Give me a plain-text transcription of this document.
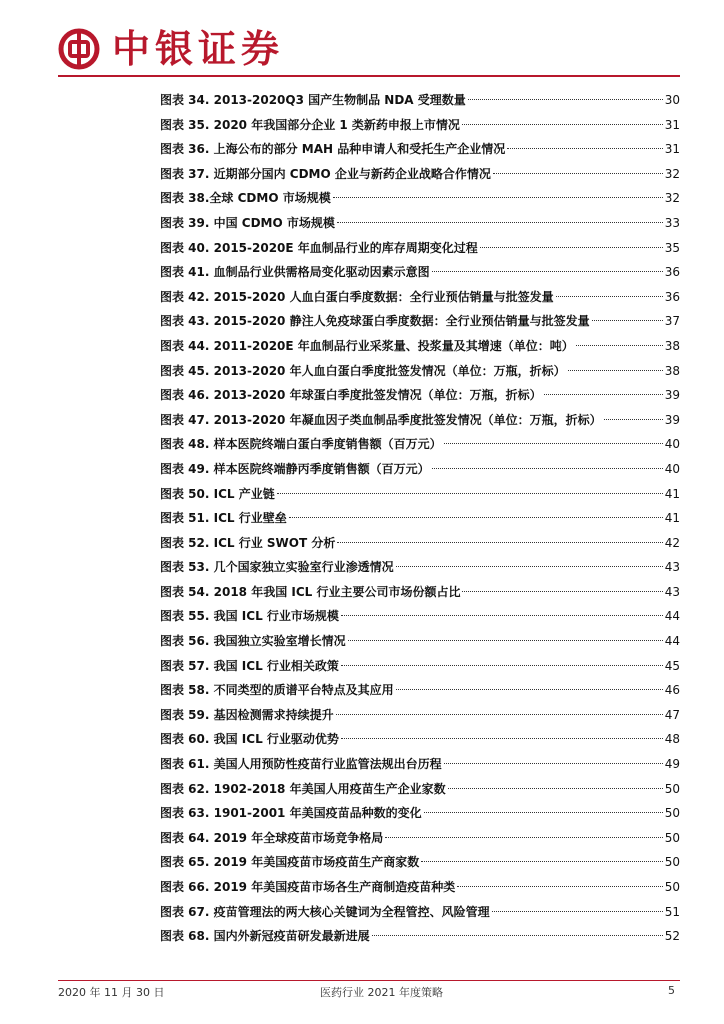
中银证券
图表 34. 2013-2020Q3 国产生物制品 NDA 受理数量	30
图表 35. 2020 年我国部分企业 1 类新药申报上市情况	31
图表 36. 上海公布的部分 MAH 品种申请人和受托生产企业情况	31
图表 37. 近期部分国内 CDMO 企业与新药企业战略合作情况	32
图表 38.全球 CDMO 市场规模	32
图表 39. 中国 CDMO 市场规模	33
图表 40. 2015-2020E 年血制品行业的库存周期变化过程	35
图表 41. 血制品行业供需格局变化驱动因素示意图	36
图表 42. 2015-2020 人血白蛋白季度数据：全行业预估销量与批签发量	36
图表 43. 2015-2020 静注人免疫球蛋白季度数据：全行业预估销量与批签发量	37
图表 44. 2011-2020E 年血制品行业采浆量、投浆量及其增速（单位：吨）	38
图表 45. 2013-2020 年人血白蛋白季度批签发情况（单位：万瓶，折标）	38
图表 46. 2013-2020 年球蛋白季度批签发情况（单位：万瓶，折标）	39
图表 47. 2013-2020 年凝血因子类血制品季度批签发情况（单位：万瓶，折标）	39
图表 48. 样本医院终端白蛋白季度销售额（百万元）	40
图表 49. 样本医院终端静丙季度销售额（百万元）	40
图表 50. ICL 产业链	41
图表 51. ICL 行业壁垒	41
图表 52. ICL 行业 SWOT 分析	42
图表 53. 几个国家独立实验室行业渗透情况	43
图表 54. 2018 年我国 ICL 行业主要公司市场份额占比	43
图表 55. 我国 ICL 行业市场规模	44
图表 56. 我国独立实验室增长情况	44
图表 57. 我国 ICL 行业相关政策	45
图表 58. 不同类型的质谱平台特点及其应用	46
图表 59. 基因检测需求持续提升	47
图表 60. 我国 ICL 行业驱动优势	48
图表 61. 美国人用预防性疫苗行业监管法规出台历程	49
图表 62. 1902-2018 年美国人用疫苗生产企业家数	50
图表 63. 1901-2001 年美国疫苗品种数的变化	50
图表 64. 2019 年全球疫苗市场竞争格局	50
图表 65. 2019 年美国疫苗市场疫苗生产商家数	50
图表 66. 2019 年美国疫苗市场各生产商制造疫苗种类	50
图表 67. 疫苗管理法的两大核心关键词为全程管控、风险管理	51
图表 68. 国内外新冠疫苗研发最新进展	52
2020 年 11 月 30 日	医药行业 2021 年度策略	5
